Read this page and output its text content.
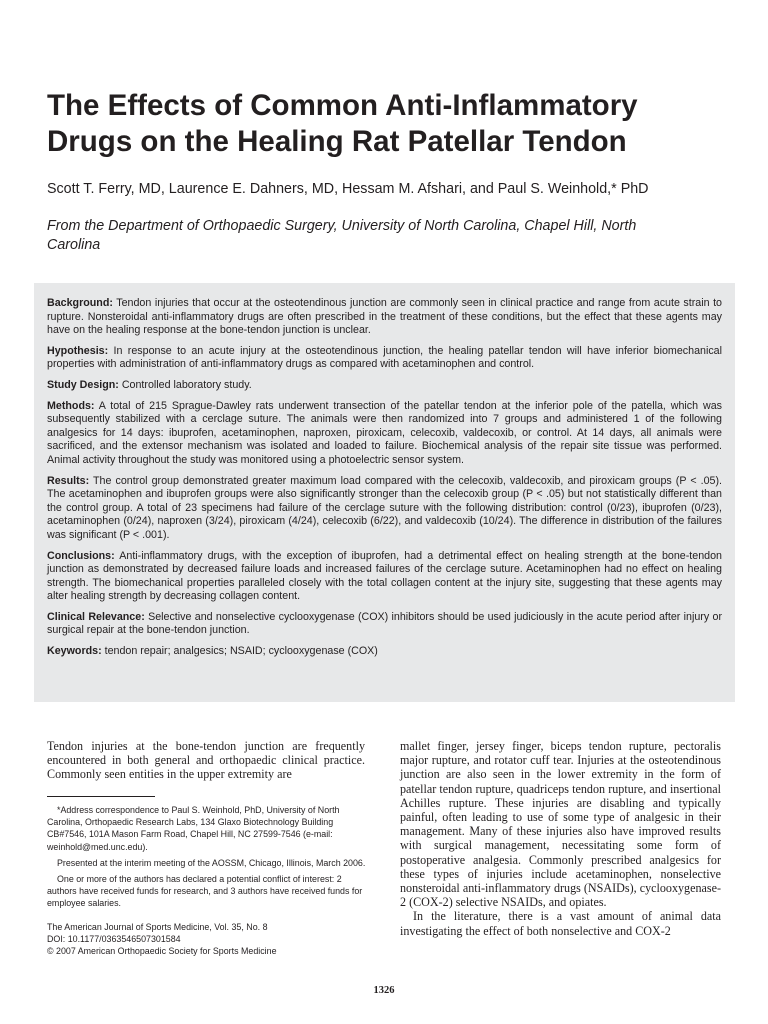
The Effects of Common Anti-Inflammatory Drugs on the Healing Rat Patellar Tendon
Scott T. Ferry, MD, Laurence E. Dahners, MD, Hessam M. Afshari, and Paul S. Weinhold,* PhD
From the Department of Orthopaedic Surgery, University of North Carolina, Chapel Hill, North Carolina

Background: Tendon injuries that occur at the osteotendinous junction are commonly seen in clinical practice and range from acute strain to rupture. Nonsteroidal anti-inflammatory drugs are often prescribed in the treatment of these conditions, but the effect that these agents may have on the healing response at the bone-tendon junction is unclear.

Hypothesis: In response to an acute injury at the osteotendinous junction, the healing patellar tendon will have inferior biomechanical properties with administration of anti-inflammatory drugs as compared with acetaminophen and control.

Study Design: Controlled laboratory study.

Methods: A total of 215 Sprague-Dawley rats underwent transection of the patellar tendon at the inferior pole of the patella, which was subsequently stabilized with a cerclage suture. The animals were then randomized into 7 groups and administered 1 of the following analgesics for 14 days: ibuprofen, acetaminophen, naproxen, piroxicam, celecoxib, valdecoxib, or control. At 14 days, all animals were sacrificed, and the extensor mechanism was isolated and loaded to failure. Biochemical analysis of the repair site tissue was performed. Animal activity throughout the study was monitored using a photoelectric sensor system.

Results: The control group demonstrated greater maximum load compared with the celecoxib, valdecoxib, and piroxicam groups (P < .05). The acetaminophen and ibuprofen groups were also significantly stronger than the celecoxib group (P < .05) but not statistically different than the control group. A total of 23 specimens had failure of the cerclage suture with the following distribution: control (0/23), ibuprofen (0/23), acetaminophen (0/24), naproxen (3/24), piroxicam (4/24), celecoxib (6/22), and valdecoxib (10/24). The difference in distribution of the failures was significant (P < .001).

Conclusions: Anti-inflammatory drugs, with the exception of ibuprofen, had a detrimental effect on healing strength at the bone-tendon junction as demonstrated by decreased failure loads and increased failures of the cerclage suture. Acetaminophen had no effect on healing strength. The biomechanical properties paralleled closely with the total collagen content at the injury site, suggesting that these agents may alter healing strength by decreasing collagen content.

Clinical Relevance: Selective and nonselective cyclooxygenase (COX) inhibitors should be used judiciously in the acute period after injury or surgical repair at the bone-tendon junction.

Keywords: tendon repair; analgesics; NSAID; cyclooxygenase (COX)

Tendon injuries at the bone-tendon junction are frequently encountered in both general and orthopaedic clinical practice. Commonly seen entities in the upper extremity are

*Address correspondence to Paul S. Weinhold, PhD, University of North Carolina, Orthopaedic Research Labs, 134 Glaxo Biotechnology Building CB#7546, 101A Mason Farm Road, Chapel Hill, NC 27599-7546 (e-mail: weinhold@med.unc.edu).

Presented at the interim meeting of the AOSSM, Chicago, Illinois, March 2006.

One or more of the authors has declared a potential conflict of interest: 2 authors have received funds for research, and 3 authors have received funds for employee salaries.

The American Journal of Sports Medicine, Vol. 35, No. 8
DOI: 10.1177/0363546507301584
© 2007 American Orthopaedic Society for Sports Medicine

mallet finger, jersey finger, biceps tendon rupture, pectoralis major rupture, and rotator cuff tear. Injuries at the osteotendinous junction are also seen in the lower extremity in the form of patellar tendon rupture, quadriceps tendon rupture, and insertional Achilles rupture. These injuries are disabling and typically painful, often leading to use of some type of analgesic in their management. Many of these injuries also have improved results with surgical management, necessitating some form of postoperative analgesia. Commonly prescribed analgesics for these types of injuries include acetaminophen, nonselective nonsteroidal anti-inflammatory drugs (NSAIDs), cyclooxygenase-2 (COX-2) selective NSAIDs, and opiates.

In the literature, there is a vast amount of animal data investigating the effect of both nonselective and COX-2

1326
